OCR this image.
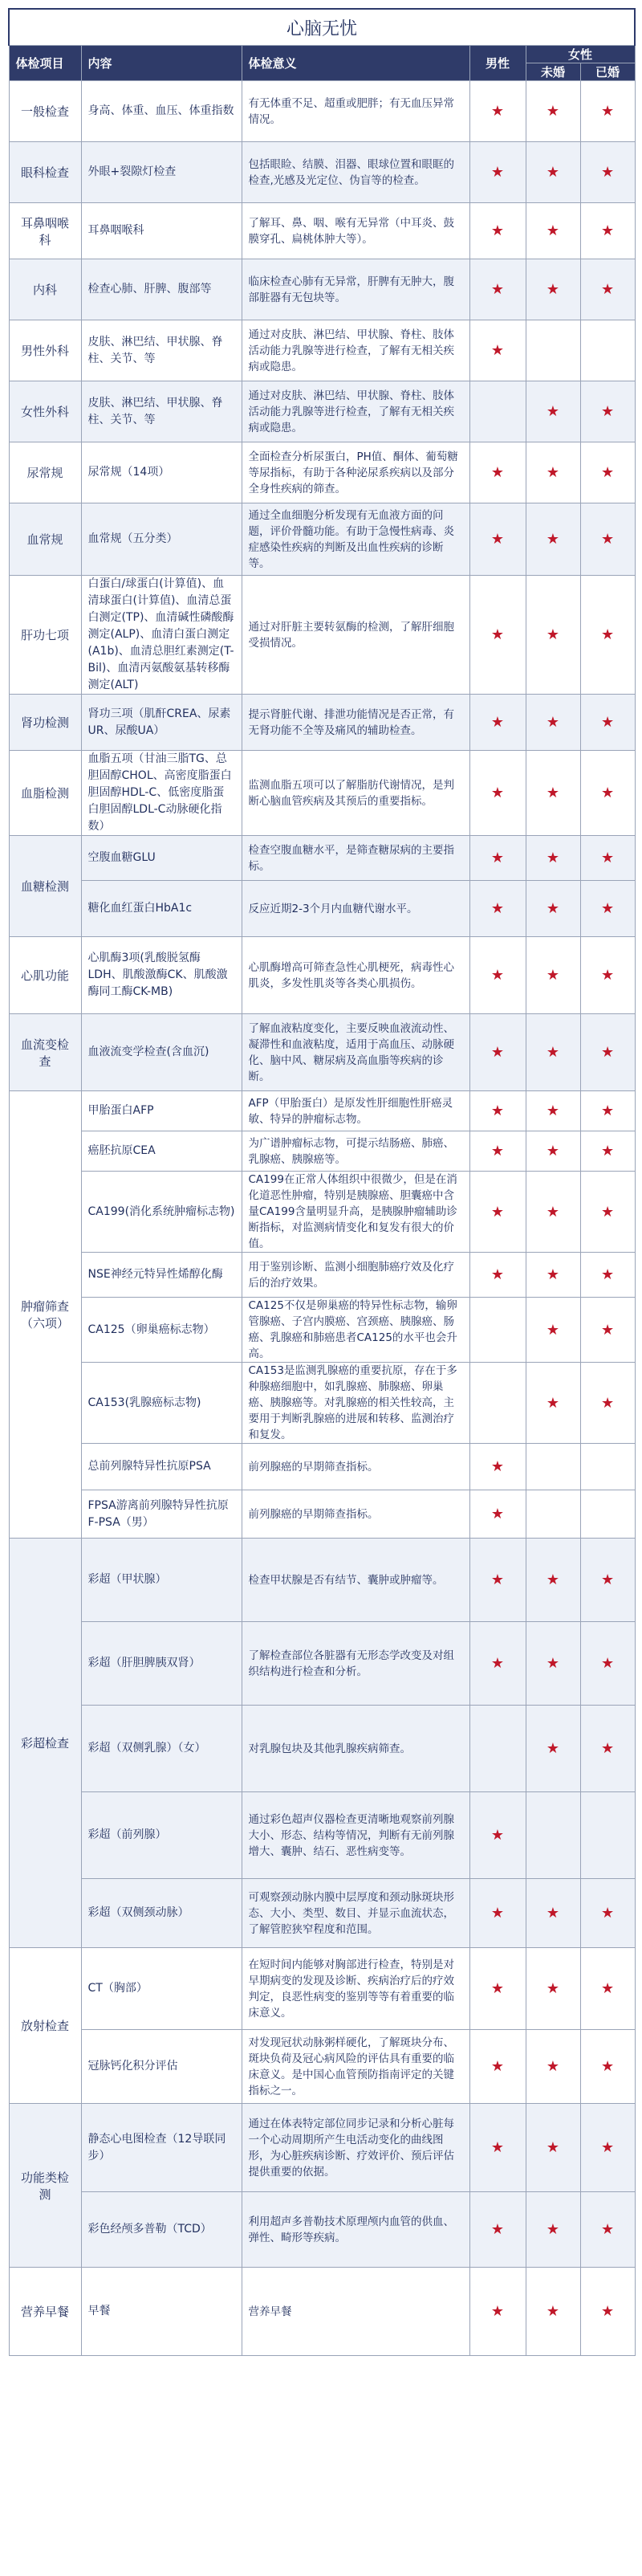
心脑无忧					
体检项目	内容	体检意义	男性	女性	
				未婚	已婚
一般检查	身高、体重、血压、体重指数	有无体重不足、超重或肥胖；有无血压异常情况。	★	★	★
眼科检查	外眼+裂隙灯检查	包括眼睑、结膜、泪器、眼球位置和眼眶的检查,光感及光定位、伪盲等的检查。	★	★	★
耳鼻咽喉科	耳鼻咽喉科	了解耳、鼻、咽、喉有无异常（中耳炎、鼓膜穿孔、扁桃体肿大等）。	★	★	★
内科	检查心肺、肝脾、腹部等	临床检查心肺有无异常，肝脾有无肿大，腹部脏器有无包块等。	★	★	★
男性外科	皮肤、淋巴结、甲状腺、脊柱、关节、等	通过对皮肤、淋巴结、甲状腺、脊柱、肢体活动能力乳腺等进行检查，了解有无相关疾病或隐患。	★		
女性外科	皮肤、淋巴结、甲状腺、脊柱、关节、等	通过对皮肤、淋巴结、甲状腺、脊柱、肢体活动能力乳腺等进行检查，了解有无相关疾病或隐患。		★	★
尿常规	尿常规（14项）	全面检查分析尿蛋白，PH值、酮体、葡萄糖等尿指标，有助于各种泌尿系疾病以及部分全身性疾病的筛查。	★	★	★
血常规	血常规（五分类）	通过全血细胞分析发现有无血液方面的问题，评价骨髓功能。有助于急慢性病毒、炎症感染性疾病的判断及出血性疾病的诊断等。	★	★	★
肝功七项	白蛋白/球蛋白(计算值)、血清球蛋白(计算值)、血清总蛋白测定(TP)、血清碱性磷酸酶测定(ALP)、血清白蛋白测定(A1b)、血清总胆红素测定(T-Bil)、血清丙氨酸氨基转移酶测定(ALT)	通过对肝脏主要转氨酶的检测，了解肝细胞受损情况。	★	★	★
肾功检测	肾功三项（肌酐CREA、尿素UR、尿酸UA）	提示肾脏代谢、排泄功能情况是否正常，有无肾功能不全等及痛风的辅助检查。	★	★	★
血脂检测	血脂五项（甘油三脂TG、总胆固醇CHOL、高密度脂蛋白胆固醇HDL-C、低密度脂蛋白胆固醇LDL-C动脉硬化指数）	监测血脂五项可以了解脂肪代谢情况，是判断心脑血管疾病及其预后的重要指标。	★	★	★
血糖检测	空腹血糖GLU	检查空腹血糖水平，是筛查糖尿病的主要指标。	★	★	★
	糖化血红蛋白HbA1c	反应近期2-3个月内血糖代谢水平。	★	★	★
心肌功能	心肌酶3项(乳酸脱氢酶LDH、肌酸激酶CK、肌酸激酶同工酶CK-MB)	心肌酶增高可筛查急性心肌梗死，病毒性心肌炎，多发性肌炎等各类心肌损伤。	★	★	★
血流变检查	血液流变学检查(含血沉)	了解血液粘度变化，主要反映血液流动性、凝滞性和血液粘度，适用于高血压、动脉硬化、脑中风、糖尿病及高血脂等疾病的诊断。	★	★	★
肿瘤筛查（六项）	甲胎蛋白AFP	AFP（甲胎蛋白）是原发性肝细胞性肝癌灵敏、特异的肿瘤标志物。	★	★	★
	癌胚抗原CEA	为广谱肿瘤标志物，可提示结肠癌、肺癌、乳腺癌、胰腺癌等。	★	★	★
	CA199(消化系统肿瘤标志物)	CA199在正常人体组织中很微少，但是在消化道恶性肿瘤，特别是胰腺癌、胆囊癌中含量CA199含量明显升高，是胰腺肿瘤辅助诊断指标，对监测病情变化和复发有很大的价值。	★	★	★
	NSE神经元特异性烯醇化酶	用于鉴别诊断、监测小细胞肺癌疗效及化疗后的治疗效果。	★	★	★
	CA125（卵巢癌标志物）	CA125不仅是卵巢癌的特异性标志物，输卵管腺癌、子宫内膜癌、宫颈癌、胰腺癌、肠癌、乳腺癌和肺癌患者CA125的水平也会升高。		★	★
	CA153(乳腺癌标志物)	CA153是监测乳腺癌的重要抗原，存在于多种腺癌细胞中，如乳腺癌、肺腺癌、卵巢癌、胰腺癌等。对乳腺癌的相关性较高，主要用于判断乳腺癌的进展和转移、监测治疗和复发。		★	★
	总前列腺特异性抗原PSA	前列腺癌的早期筛查指标。	★		
	FPSA游离前列腺特异性抗原F-PSA（男）	前列腺癌的早期筛查指标。	★		
彩超检查	彩超（甲状腺）	检查甲状腺是否有结节、囊肿或肿瘤等。	★	★	★
	彩超（肝胆脾胰双肾）	了解检查部位各脏器有无形态学改变及对组织结构进行检查和分析。	★	★	★
	彩超（双侧乳腺）（女）	对乳腺包块及其他乳腺疾病筛查。		★	★
	彩超（前列腺）	通过彩色超声仪器检查更清晰地观察前列腺大小、形态、结构等情况，判断有无前列腺增大、囊肿、结石、恶性病变等。	★		
	彩超（双侧颈动脉）	可观察颈动脉内膜中层厚度和颈动脉斑块形态、大小、类型、数目、并显示血流状态，了解管腔狭窄程度和范围。	★	★	★
放射检查	CT（胸部）	在短时间内能够对胸部进行检查，特别是对早期病变的发现及诊断、疾病治疗后的疗效判定，良恶性病变的鉴别等等有着重要的临床意义。	★	★	★
	冠脉钙化积分评估	对发现冠状动脉粥样硬化，了解斑块分布、斑块负荷及冠心病风险的评估具有重要的临床意义。是中国心血管预防指南评定的关键指标之一。	★	★	★
功能类检测	静态心电图检查（12导联同步）	通过在体表特定部位同步记录和分析心脏每一个心动周期所产生电活动变化的曲线图形，为心脏疾病诊断、疗效评价、预后评估提供重要的依据。	★	★	★
	彩色经颅多普勒（TCD）	利用超声多普勒技术原理颅内血管的供血、弹性、畸形等疾病。	★	★	★
营养早餐	早餐	营养早餐	★	★	★
